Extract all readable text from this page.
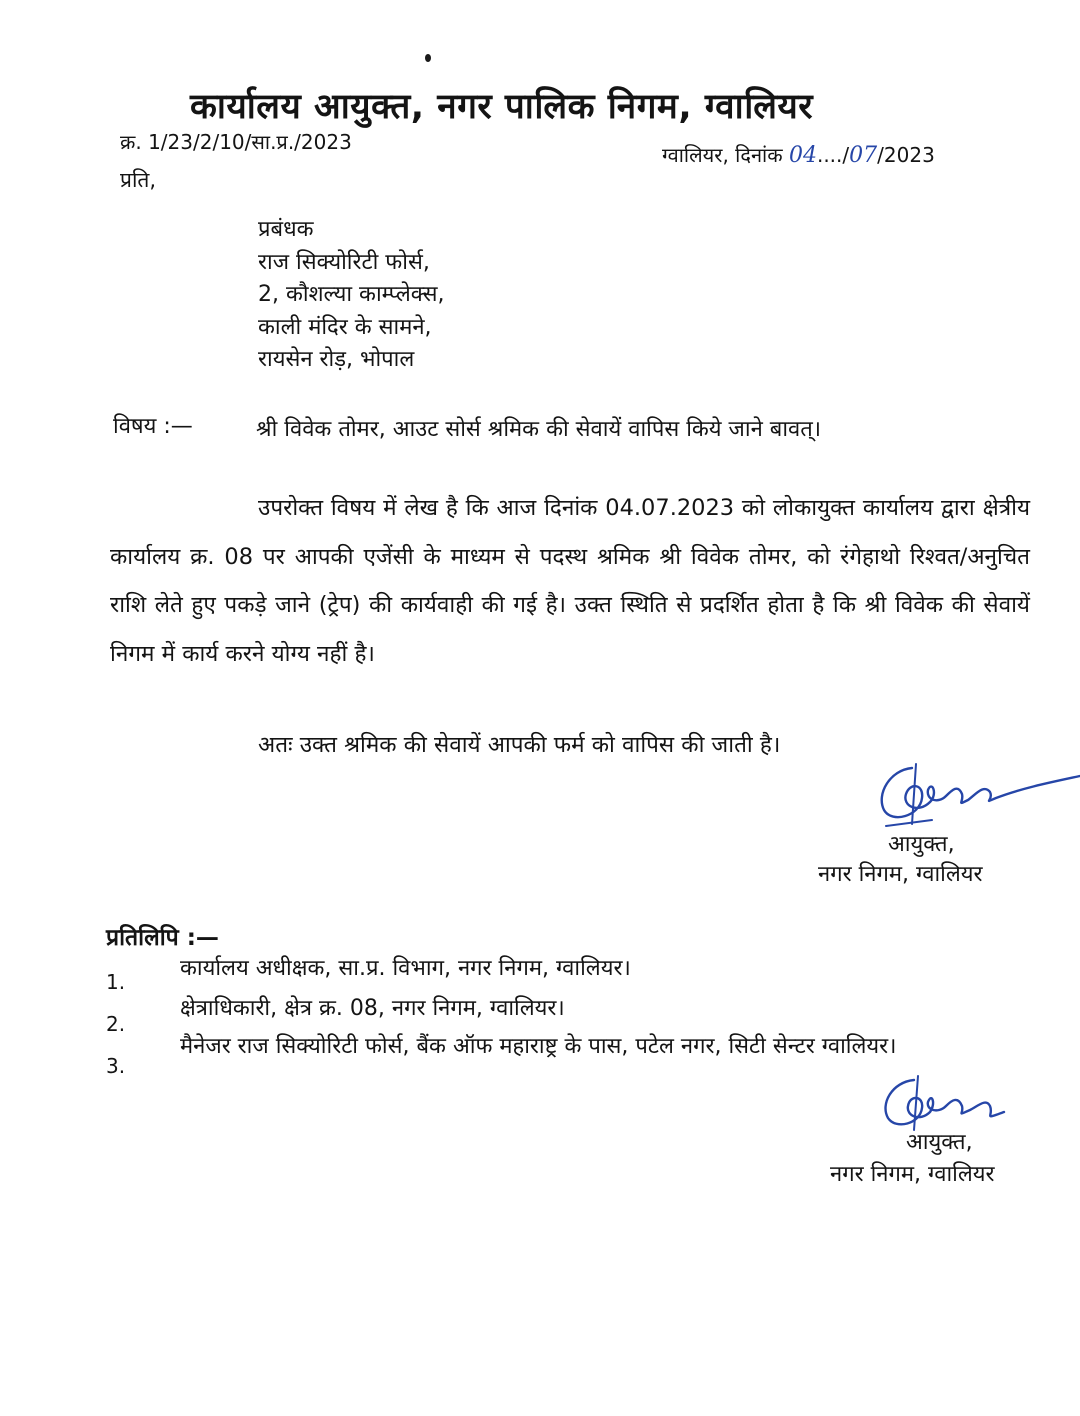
कार्यालय आयुक्त, नगर पालिक निगम, ग्वालियर
क्र. 1/23/2/10/सा.प्र./2023
ग्वालियर, दिनांक 04..../07/2023
प्रति,
प्रबंधक
राज सिक्योरिटी फोर्स,
2, कौशल्या काम्प्लेक्स,
काली मंदिर के सामने,
रायसेन रोड़, भोपाल
विषय :—	श्री विवेक तोमर, आउट सोर्स श्रमिक की सेवायें वापिस किये जाने बावत्।
उपरोक्त विषय में लेख है कि आज दिनांक 04.07.2023 को लोकायुक्त कार्यालय द्वारा क्षेत्रीय कार्यालय क्र. 08 पर आपकी एजेंसी के माध्यम से पदस्थ श्रमिक श्री विवेक तोमर, को रंगेहाथो रिश्वत/अनुचित राशि लेते हुए पकड़े जाने (ट्रेप) की कार्यवाही की गई है। उक्त स्थिति से प्रदर्शित होता है कि श्री विवेक की सेवायें निगम में कार्य करने योग्य नहीं है।
अतः उक्त श्रमिक की सेवायें आपकी फर्म को वापिस की जाती है।
आयुक्त,
नगर निगम, ग्वालियर
प्रतिलिपि :—
1.
कार्यालय अधीक्षक, सा.प्र. विभाग, नगर निगम, ग्वालियर।
2.
क्षेत्राधिकारी, क्षेत्र क्र. 08, नगर निगम, ग्वालियर।
3.
मैनेजर राज सिक्योरिटी फोर्स, बैंक ऑफ महाराष्ट्र के पास, पटेल नगर, सिटी सेन्टर ग्वालियर।
आयुक्त,
नगर निगम, ग्वालियर
